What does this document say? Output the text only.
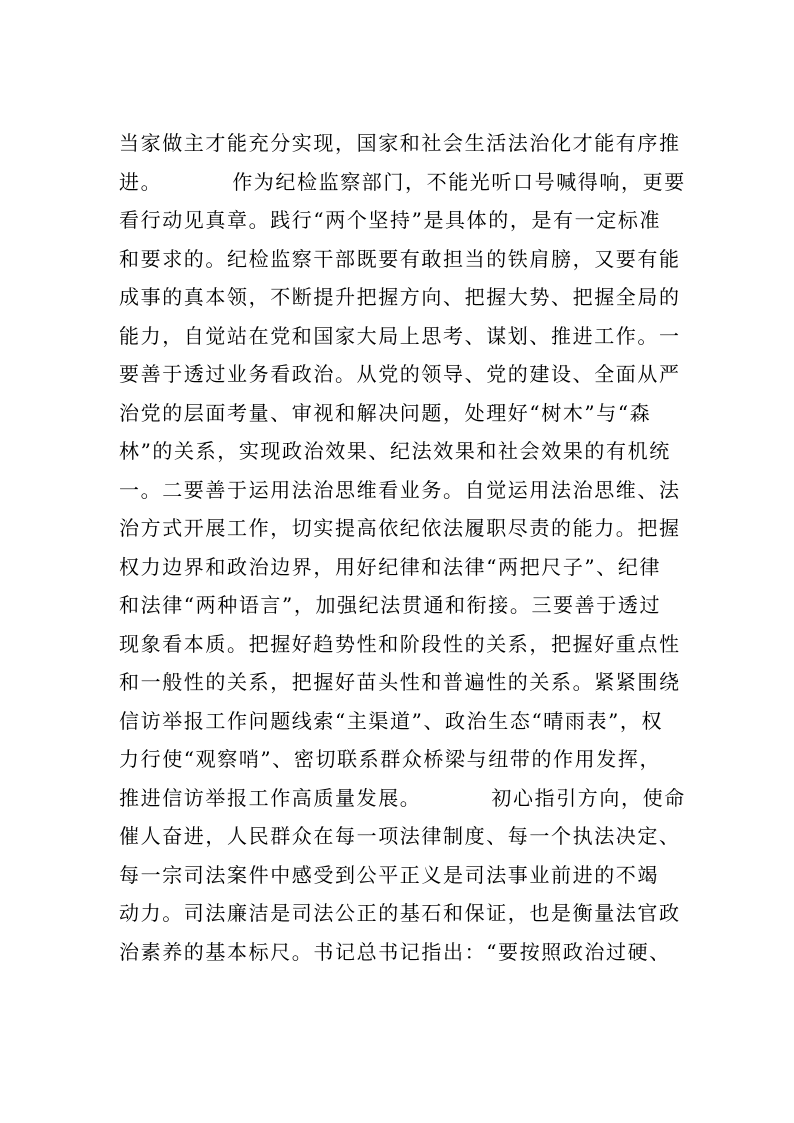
当家做主才能充分实现，国家和社会生活法治化才能有序推
进。	作为纪检监察部门，不能光听口号喊得响，更要
看行动见真章。践行“两个坚持”是具体的，是有一定标准
和要求的。纪检监察干部既要有敢担当的铁肩膀，又要有能
成事的真本领，不断提升把握方向、把握大势、把握全局的
能力，自觉站在党和国家大局上思考、谋划、推进工作。一
要善于透过业务看政治。从党的领导、党的建设、全面从严
治党的层面考量、审视和解决问题，处理好“树木”与“森
林”的关系，实现政治效果、纪法效果和社会效果的有机统
一。二要善于运用法治思维看业务。自觉运用法治思维、法
治方式开展工作，切实提高依纪依法履职尽责的能力。把握
权力边界和政治边界，用好纪律和法律“两把尺子”、纪律
和法律“两种语言”，加强纪法贯通和衔接。三要善于透过
现象看本质。把握好趋势性和阶段性的关系，把握好重点性
和一般性的关系，把握好苗头性和普遍性的关系。紧紧围绕
信访举报工作问题线索“主渠道”、政治生态“晴雨表”，权
力行使“观察哨”、密切联系群众桥梁与纽带的作用发挥，
推进信访举报工作高质量发展。	初心指引方向，使命
催人奋进，人民群众在每一项法律制度、每一个执法决定、
每一宗司法案件中感受到公平正义是司法事业前进的不竭
动力。司法廉洁是司法公正的基石和保证，也是衡量法官政
治素养的基本标尺。书记总书记指出：“要按照政治过硬、
